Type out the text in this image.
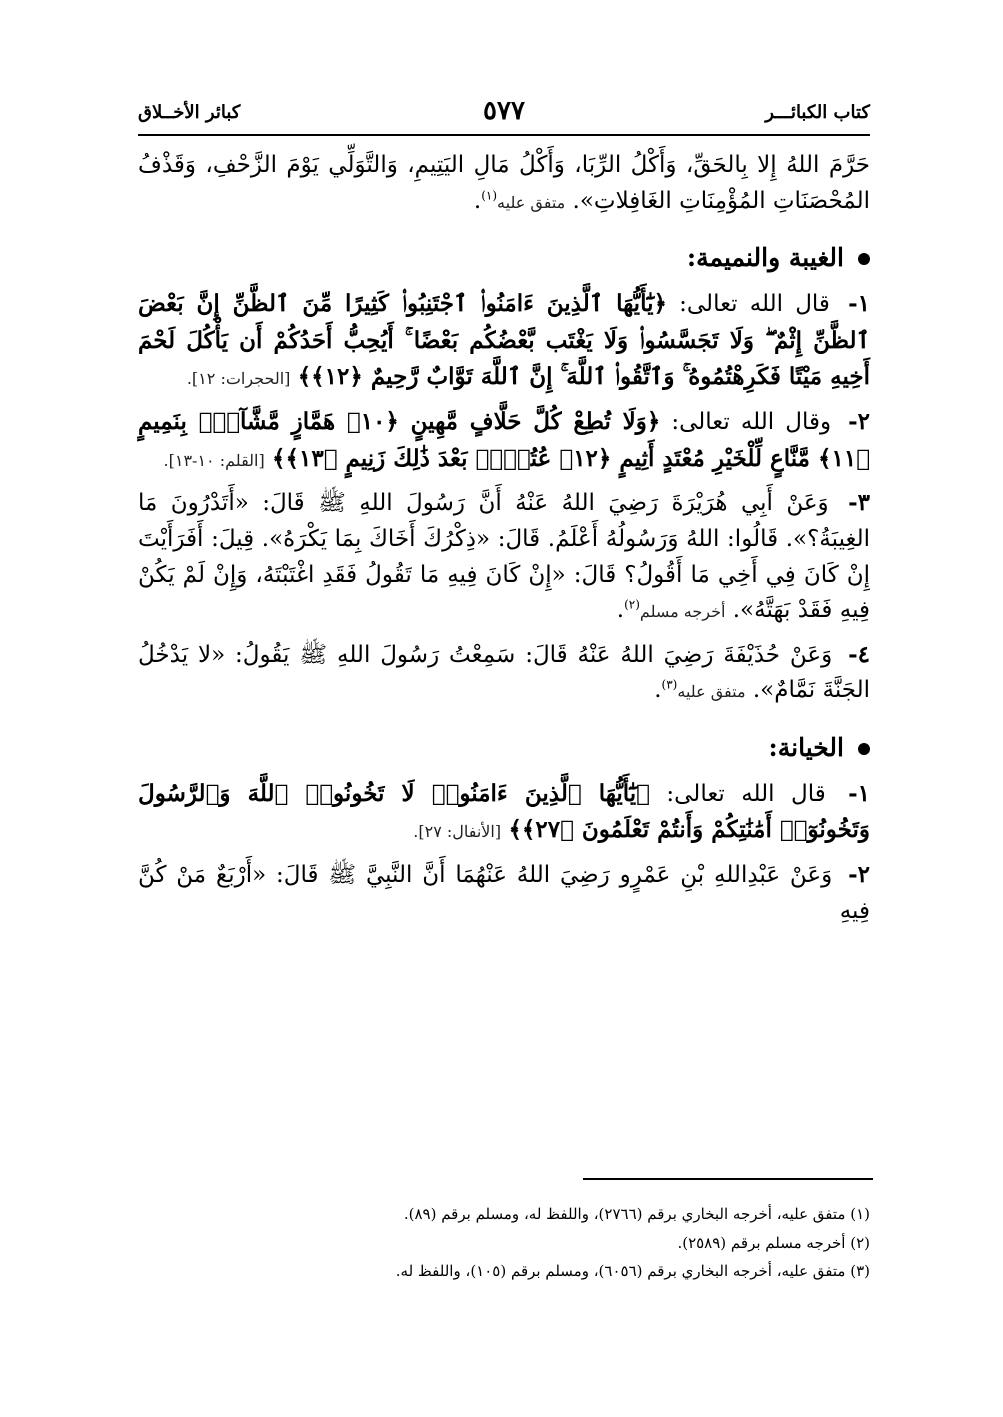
كتاب الكبائـــر
٥٧٧
كبائر الأخــلاق

حَرَّمَ اللهُ إِلا بِالحَقِّ، وَأَكْلُ الرِّبَا، وَأَكْلُ مَالِ اليَتِيمِ، وَالتَّوَلِّي يَوْمَ الزَّحْفِ، وَقَذْفُ المُحْصَنَاتِ المُؤْمِنَاتِ الغَافِلاتِ». متفق عليه$^{(١)}$.

الغيبة والنميمة:

١- قال الله تعالى: ﴿يَٰٓأَيُّهَا ٱلَّذِينَ ءَامَنُوا۟ ٱجْتَنِبُوا۟ كَثِيرًا مِّنَ ٱلظَّنِّ إِنَّ بَعْضَ ٱلظَّنِّ إِثْمٌ ۖ وَلَا تَجَسَّسُوا۟ وَلَا يَغْتَب بَّعْضُكُم بَعْضًا ۚ أَيُحِبُّ أَحَدُكُمْ أَن يَأْكُلَ لَحْمَ أَخِيهِ مَيْتًا فَكَرِهْتُمُوهُ ۚ وَٱتَّقُوا۟ ٱللَّهَ ۚ إِنَّ ٱللَّهَ تَوَّابٌ رَّحِيمٌ ﴿١٢﴾﴾ [الحجرات: ١٢].

٢- وقال الله تعالى: ﴿وَلَا تُطِعْ كُلَّ حَلَّافٍ مَّهِينٍ ﴿١٠﴾ هَمَّازٍ مَّشَّآءٍۭ بِنَمِيمٍ ﴿١١﴾ مَّنَّاعٍ لِّلْخَيْرِ مُعْتَدٍ أَثِيمٍ ﴿١٢﴾ عُتُلٍّۭ بَعْدَ ذَٰلِكَ زَنِيمٍ ﴿١٣﴾﴾ [القلم: ١٠-١٣].

٣- وَعَنْ أَبِي هُرَيْرَةَ رَضِيَ اللهُ عَنْهُ أَنَّ رَسُولَ اللهِ ﷺ قَالَ: «أَتَدْرُونَ مَا الغِيبَةُ؟». قَالُوا: اللهُ وَرَسُولُهُ أَعْلَمُ. قَالَ: «ذِكْرُكَ أَخَاكَ بِمَا يَكْرَهُ». قِيلَ: أَفَرَأَيْتَ إِنْ كَانَ فِي أَخِي مَا أَقُولُ؟ قَالَ: «إِنْ كَانَ فِيهِ مَا تَقُولُ فَقَدِ اغْتَبْتَهُ، وَإِنْ لَمْ يَكُنْ فِيهِ فَقَدْ بَهَتَّهُ». أخرجه مسلم$^{(٢)}$.

٤- وَعَنْ حُذَيْفَةَ رَضِيَ اللهُ عَنْهُ قَالَ: سَمِعْتُ رَسُولَ اللهِ ﷺ يَقُولُ: «لا يَدْخُلُ الجَنَّةَ نَمَّامٌ». متفق عليه$^{(٣)}$.

الخيانة:

١- قال الله تعالى: ﴿يَٰٓأَيُّهَا ٱلَّذِينَ ءَامَنُوا۟ لَا تَخُونُوا۟ ٱللَّهَ وَٱلرَّسُولَ وَتَخُونُوٓا۟ أَمَٰنَٰتِكُمْ وَأَنتُمْ تَعْلَمُونَ ﴿٢٧﴾﴾ [الأنفال: ٢٧].

٢- وَعَنْ عَبْدِاللهِ بْنِ عَمْرٍو رَضِيَ اللهُ عَنْهُمَا أَنَّ النَّبِيَّ ﷺ قَالَ: «أَرْبَعٌ مَنْ كُنَّ فِيهِ

(١) متفق عليه، أخرجه البخاري برقم (٢٧٦٦)، واللفظ له، ومسلم برقم (٨٩).

(٢) أخرجه مسلم برقم (٢٥٨٩).

(٣) متفق عليه، أخرجه البخاري برقم (٦٠٥٦)، ومسلم برقم (١٠٥)، واللفظ له.
